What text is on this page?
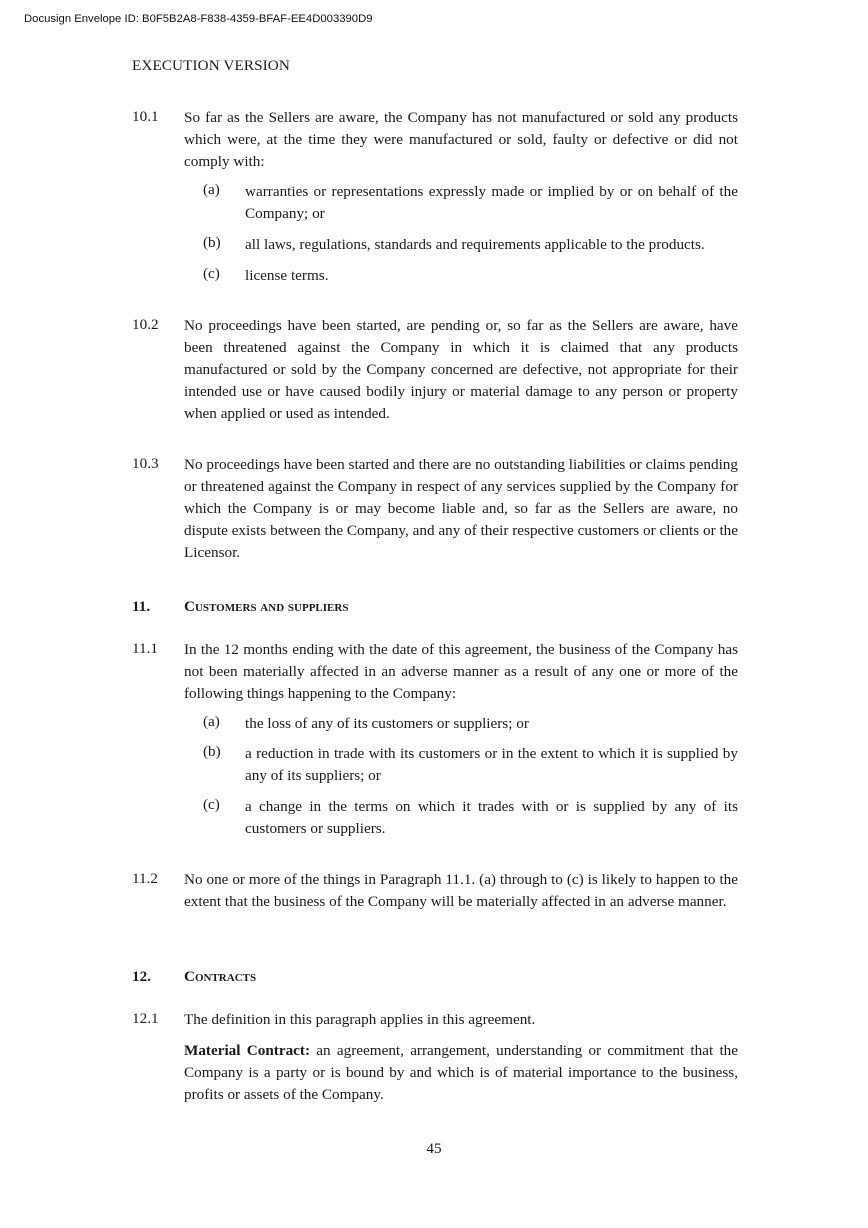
Docusign Envelope ID: B0F5B2A8-F838-4359-BFAF-EE4D003390D9
EXECUTION VERSION
10.1	So far as the Sellers are aware, the Company has not manufactured or sold any products which were, at the time they were manufactured or sold, faulty or defective or did not comply with:
(a) warranties or representations expressly made or implied by or on behalf of the Company; or
(b) all laws, regulations, standards and requirements applicable to the products.
(c) license terms.
10.2	No proceedings have been started, are pending or, so far as the Sellers are aware, have been threatened against the Company in which it is claimed that any products manufactured or sold by the Company concerned are defective, not appropriate for their intended use or have caused bodily injury or material damage to any person or property when applied or used as intended.
10.3	No proceedings have been started and there are no outstanding liabilities or claims pending or threatened against the Company in respect of any services supplied by the Company for which the Company is or may become liable and, so far as the Sellers are aware, no dispute exists between the Company, and any of their respective customers or clients or the Licensor.
11. Customers and suppliers
11.1	In the 12 months ending with the date of this agreement, the business of the Company has not been materially affected in an adverse manner as a result of any one or more of the following things happening to the Company:
(a) the loss of any of its customers or suppliers; or
(b) a reduction in trade with its customers or in the extent to which it is supplied by any of its suppliers; or
(c) a change in the terms on which it trades with or is supplied by any of its customers or suppliers.
11.2	No one or more of the things in Paragraph 11.1. (a) through to (c) is likely to happen to the extent that the business of the Company will be materially affected in an adverse manner.
12. Contracts
12.1	The definition in this paragraph applies in this agreement.
Material Contract: an agreement, arrangement, understanding or commitment that the Company is a party or is bound by and which is of material importance to the business, profits or assets of the Company.
45
